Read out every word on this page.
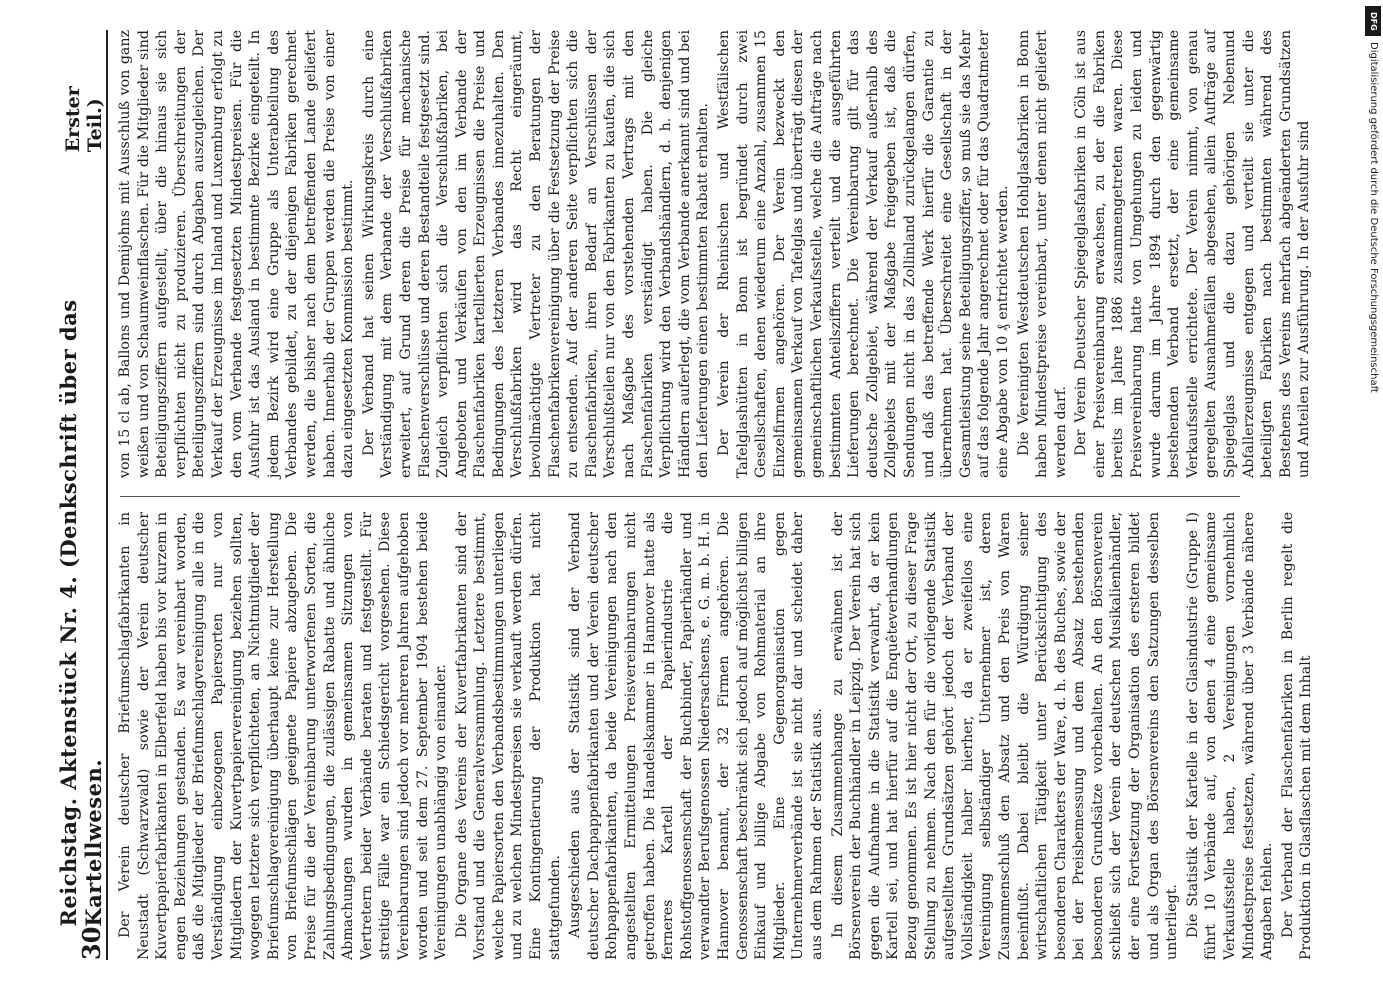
30
Reichstag. Aktenstück Nr. 4. (Denkschrift über das Kartellwesen.
Erster Teil.)

Der Verein deutscher Briefumschlagfabrikanten in Neustadt (Schwarzwald) sowie der Verein deutscher Kuvertpapierfabrikanten in Elberfeld haben bis vor kurzem in engen Beziehungen gestanden. Es war vereinbart worden, daß die Mitglieder der Briefumschlagvereinigung alle in die Verständigung einbezogenen Papiersorten nur von Mitgliedern der Kuvertpapiervereinigung beziehen sollten, wogegen letztere sich verpflichteten, an Nichtmitglieder der Briefumschlagvereinigung überhaupt keine zur Herstellung von Briefumschlägen geeignete Papiere abzugeben. Die Preise für die der Vereinbarung unterworfenen Sorten, die Zahlungsbedingungen, die zulässigen Rabatte und ähnliche Abmachungen wurden in gemeinsamen Sitzungen von Vertretern beider Verbände beraten und festgestellt. Für streitige Fälle war ein Schiedsgericht vorgesehen. Diese Vereinbarungen sind jedoch vor mehreren Jahren aufgehoben worden und seit dem 27. September 1904 bestehen beide Vereinigungen unabhängig von einander. Die Organe des Vereins der Kuvertfabrikanten sind der Vorstand und die Generalversammlung. Letztere bestimmt, welche Papiersorten den Verbandsbestimmungen unterliegen und zu welchen Mindestpreisen sie verkauft werden dürfen. Eine Kontingentierung der Produktion hat nicht stattgefunden. Ausgeschieden aus der Statistik sind der Verband deutscher Dachpappenfabrikanten und der Verein deutscher Rohpappenfabrikanten, da beide Vereinigungen nach den angestellten Ermittelungen Preisvereinbarungen nicht getroffen haben. Die Handelskammer in Hannover hatte als ferneres Kartell der Papierindustrie die Rohstoffgenossenschaft der Buchbinder, Papierhändler und verwandter Berufsgenossen Niedersachsens, e. G. m. b. H. in Hannover benannt, der 32 Firmen angehören. Die Genossenschaft beschränkt sich jedoch auf möglichst billigen Einkauf und billige Abgabe von Rohmaterial an ihre Mitglieder. Eine Gegenorganisation gegen Unternehmerverbände ist sie nicht dar und scheidet daher aus dem Rahmen der Statistik aus. In diesem Zusammenhange zu erwähnen ist der Börsenverein der Buchhändler in Leipzig. Der Verein hat sich gegen die Aufnahme in die Statistik verwahrt, da er kein Kartell sei, und hat hierfür auf die Enquêteverhandlungen Bezug genommen. Es ist hier nicht der Ort, zu dieser Frage Stellung zu nehmen. Nach den für die vorliegende Statistik aufgestellten Grundsätzen gehört jedoch der Verband der Vollständigkeit halber hierher, da er zweifellos eine Vereinigung selbständiger Unternehmer ist, deren Zusammenschluß den Absatz und den Preis von Waren beeinflußt. Dabei bleibt die Würdigung seiner wirtschaftlichen Tätigkeit unter Berücksichtigung des besonderen Charakters der Ware, d. h. des Buches, sowie der bei der Preisbemessung und dem Absatz bestehenden besonderen Grundsätze vorbehalten. An den Börsenverein schließt sich der Verein der deutschen Musikalienhändler, der eine Fortsetzung der Organisation des ersteren bildet und als Organ des Börsenvereins den Satzungen desselben unterliegt. Die Statistik der Kartelle in der Glasindustrie (Gruppe I) führt 10 Verbände auf, von denen 4 eine gemeinsame Verkaufsstelle haben, 2 Vereinigungen vornehmlich Mindestpreise festsetzen, während über 3 Verbände nähere Angaben fehlen. Der Verband der Flaschenfabriken in Berlin regelt die Produktion in Glasflaschen mit dem Inhalt

von 15 cl ab, Ballons und Demijohns mit Ausschluß von ganz weißen und von Schaumweinflaschen. Für die Mitglieder sind Beteiligungsziffern aufgestellt, über die hinaus sie sich verpflichten nicht zu produzieren. Überschreitungen der Beteiligungsziffern sind durch Abgaben auszugleichen. Der Verkauf der Erzeugnisse im Inland und Luxemburg erfolgt zu den vom Verbande festgesetzten Mindestpreisen. Für die Ausfuhr ist das Ausland in bestimmte Bezirke eingeteilt. In jedem Bezirk wird eine Gruppe als Unterabteilung des Verbandes gebildet, zu der diejenigen Fabriken gerechnet werden, die bisher nach dem betreffenden Lande geliefert haben. Innerhalb der Gruppen werden die Preise von einer dazu eingesetzten Kommission bestimmt. Der Verband hat seinen Wirkungskreis durch eine Verständigung mit dem Verbande der Verschlußfabriken erweitert, auf Grund deren die Preise für mechanische Flaschenverschlüsse und deren Bestandteile festgesetzt sind. Zugleich verpflichten sich die Verschlußfabriken, bei Angeboten und Verkäufen von den im Verbande der Flaschenfabriken kartellierten Erzeugnissen die Preise und Bedingungen des letzteren Verbandes innezuhalten. Den Verschlußfabriken wird das Recht eingeräumt, bevollmächtigte Vertreter zu den Beratungen der Flaschenfabrikenvereinigung über die Festsetzung der Preise zu entsenden. Auf der anderen Seite verpflichten sich die Flaschenfabriken, ihren Bedarf an Verschlüssen der Verschlußteilen nur von den Fabrikanten zu kaufen, die sich nach Maßgabe des vorstehenden Vertrags mit den Flaschenfabriken verständigt haben. Die gleiche Verpflichtung wird den Verbandshändlern, d. h. denjenigen Händlern auferlegt, die vom Verbande anerkannt sind und bei den Lieferungen einen bestimmten Rabatt erhalten. Der Verein der Rheinischen und Westfälischen Tafelglashütten in Bonn ist begründet durch zwei Gesellschaften, denen wiederum eine Anzahl, zusammen 15 Einzelfirmen angehören. Der Verein bezweckt den gemeinsamen Verkauf von Tafelglas und überträgt diesen der gemeinschaftlichen Verkaufsstelle, welche die Aufträge nach bestimmten Anteilsziffern verteilt und die ausgeführten Lieferungen berechnet. Die Vereinbarung gilt für das deutsche Zollgebiet, während der Verkauf außerhalb des Zollgebiets mit der Maßgabe freigegeben ist, daß die Sendungen nicht in das Zollinland zurückgelangen dürfen, und daß das betreffende Werk hierfür die Garantie zu übernehmen hat. Überschreitet eine Gesellschaft in der Gesamtleistung seine Beteiligungsziffer, so muß sie das Mehr auf das folgende Jahr angerechnet oder für das Quadratmeter eine Abgabe von 10 ₰ entrichtet werden. Die Vereinigten Westdeutschen Hohlglasfabriken in Bonn haben Mindestpreise vereinbart, unter denen nicht geliefert werden darf. Der Verein Deutscher Spiegelglasfabriken in Cöln ist aus einer Preisvereinbarung erwachsen, zu der die Fabriken bereits im Jahre 1886 zusammengetreten waren. Diese Preisvereinbarung hatte von Umgehungen zu leiden und wurde darum im Jahre 1894 durch den gegenwärtig bestehenden Verband ersetzt, der eine gemeinsame Verkaufsstelle errichtete. Der Verein nimmt, von genau geregelten Ausnahmefällen abgesehen, allein Aufträge auf Spiegelglas und die dazu gehörigen Nebenund Abfallerzeugnisse entgegen und verteilt sie unter die beteiligten Fabriken nach bestimmten während des Bestehens des Vereins mehrfach abgeänderten Grundsätzen und Anteilen zur Ausführung. In der Ausfuhr sind

DFG
Digitalisierung gefördert durch die Deutsche Forschungsgemeinschaft
